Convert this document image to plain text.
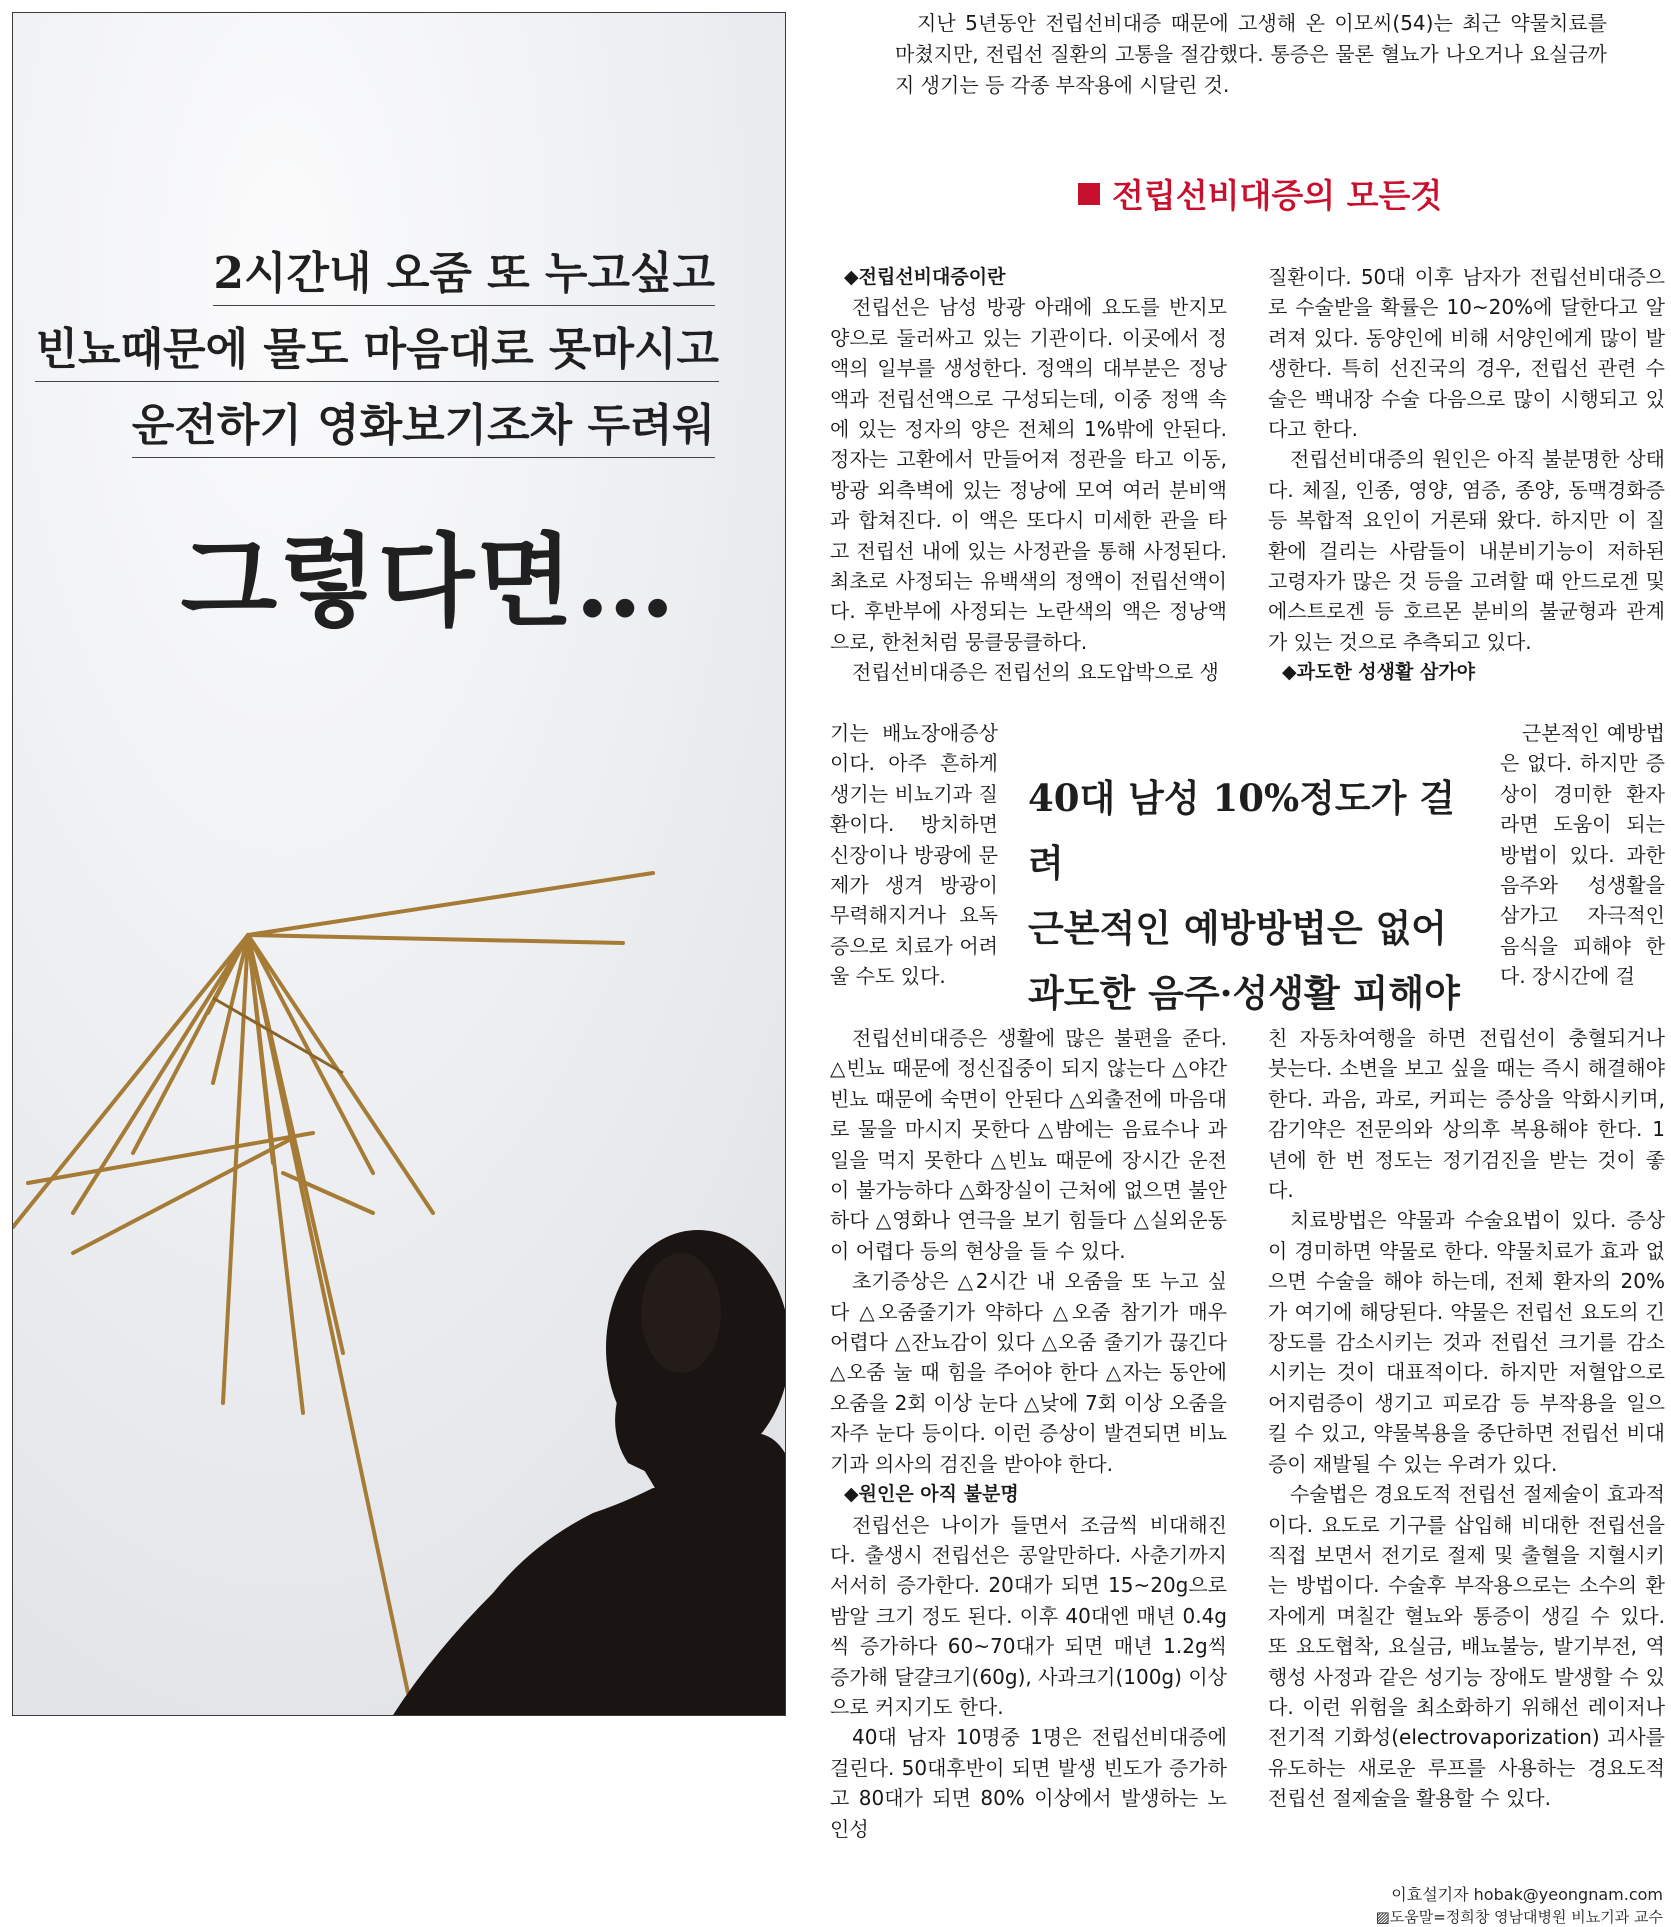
2시간내 오줌 또 누고싶고
빈뇨때문에 물도 마음대로 못마시고
운전하기 영화보기조차 두려워
그렇다면…

지난 5년동안 전립선비대증 때문에 고생해 온 이모씨(54)는 최근 약물치료를 마쳤지만, 전립선 질환의 고통을 절감했다. 통증은 물론 혈뇨가 나오거나 요실금까지 생기는 등 각종 부작용에 시달린 것.

전립선비대증의 모든것

◆전립선비대증이란

전립선은 남성 방광 아래에 요도를 반지모양으로 둘러싸고 있는 기관이다. 이곳에서 정액의 일부를 생성한다. 정액의 대부분은 정낭액과 전립선액으로 구성되는데, 이중 정액 속에 있는 정자의 양은 전체의 1%밖에 안된다. 정자는 고환에서 만들어져 정관을 타고 이동, 방광 외측벽에 있는 정낭에 모여 여러 분비액과 합쳐진다. 이 액은 또다시 미세한 관을 타고 전립선 내에 있는 사정관을 통해 사정된다. 최초로 사정되는 유백색의 정액이 전립선액이다. 후반부에 사정되는 노란색의 액은 정낭액으로, 한천처럼 뭉클뭉클하다.

전립선비대증은 전립선의 요도압박으로 생

기는 배뇨장애증상이다. 아주 흔하게 생기는 비뇨기과 질환이다. 방치하면 신장이나 방광에 문제가 생겨 방광이 무력해지거나 요독증으로 치료가 어려울 수도 있다.

전립선비대증은 생활에 많은 불편을 준다. △빈뇨 때문에 정신집중이 되지 않는다 △야간빈뇨 때문에 숙면이 안된다 △외출전에 마음대로 물을 마시지 못한다 △밤에는 음료수나 과일을 먹지 못한다 △빈뇨 때문에 장시간 운전이 불가능하다 △화장실이 근처에 없으면 불안하다 △영화나 연극을 보기 힘들다 △실외운동이 어렵다 등의 현상을 들 수 있다.

초기증상은 △2시간 내 오줌을 또 누고 싶다 △오줌줄기가 약하다 △오줌 참기가 매우 어렵다 △잔뇨감이 있다 △오줌 줄기가 끊긴다 △오줌 눌 때 힘을 주어야 한다 △자는 동안에 오줌을 2회 이상 눈다 △낮에 7회 이상 오줌을 자주 눈다 등이다. 이런 증상이 발견되면 비뇨기과 의사의 검진을 받아야 한다.

◆원인은 아직 불분명

전립선은 나이가 들면서 조금씩 비대해진다. 출생시 전립선은 콩알만하다. 사춘기까지 서서히 증가한다. 20대가 되면 15~20g으로 밤알 크기 정도 된다. 이후 40대엔 매년 0.4g씩 증가하다 60~70대가 되면 매년 1.2g씩 증가해 달걀크기(60g), 사과크기(100g) 이상으로 커지기도 한다.

40대 남자 10명중 1명은 전립선비대증에 걸린다. 50대후반이 되면 발생 빈도가 증가하고 80대가 되면 80% 이상에서 발생하는 노인성

40대 남성 10%정도가 걸려
근본적인 예방방법은 없어
과도한 음주·성생활 피해야

질환이다. 50대 이후 남자가 전립선비대증으로 수술받을 확률은 10~20%에 달한다고 알려져 있다. 동양인에 비해 서양인에게 많이 발생한다. 특히 선진국의 경우, 전립선 관련 수술은 백내장 수술 다음으로 많이 시행되고 있다고 한다.

전립선비대증의 원인은 아직 불분명한 상태다. 체질, 인종, 영양, 염증, 종양, 동맥경화증 등 복합적 요인이 거론돼 왔다. 하지만 이 질환에 걸리는 사람들이 내분비기능이 저하된 고령자가 많은 것 등을 고려할 때 안드로겐 및 에스트로겐 등 호르몬 분비의 불균형과 관계가 있는 것으로 추측되고 있다.

◆과도한 성생활 삼가야

근본적인 예방법은 없다. 하지만 증상이 경미한 환자라면 도움이 되는 방법이 있다. 과한 음주와 성생활을 삼가고 자극적인 음식을 피해야 한다. 장시간에 걸

친 자동차여행을 하면 전립선이 충혈되거나 붓는다. 소변을 보고 싶을 때는 즉시 해결해야 한다. 과음, 과로, 커피는 증상을 악화시키며, 감기약은 전문의와 상의후 복용해야 한다. 1년에 한 번 정도는 정기검진을 받는 것이 좋다.

치료방법은 약물과 수술요법이 있다. 증상이 경미하면 약물로 한다. 약물치료가 효과 없으면 수술을 해야 하는데, 전체 환자의 20%가 여기에 해당된다. 약물은 전립선 요도의 긴장도를 감소시키는 것과 전립선 크기를 감소시키는 것이 대표적이다. 하지만 저혈압으로 어지럼증이 생기고 피로감 등 부작용을 일으킬 수 있고, 약물복용을 중단하면 전립선 비대증이 재발될 수 있는 우려가 있다.

수술법은 경요도적 전립선 절제술이 효과적이다. 요도로 기구를 삽입해 비대한 전립선을 직접 보면서 전기로 절제 및 출혈을 지혈시키는 방법이다. 수술후 부작용으로는 소수의 환자에게 며칠간 혈뇨와 통증이 생길 수 있다. 또 요도협착, 요실금, 배뇨불능, 발기부전, 역행성 사정과 같은 성기능 장애도 발생할 수 있다. 이런 위험을 최소화하기 위해선 레이저나 전기적 기화성(electrovaporization) 괴사를 유도하는 새로운 루프를 사용하는 경요도적 전립선 절제술을 활용할 수 있다.

이효설기자 hobak@yeongnam.com
▨도움말=정희창 영남대병원 비뇨기과 교수
